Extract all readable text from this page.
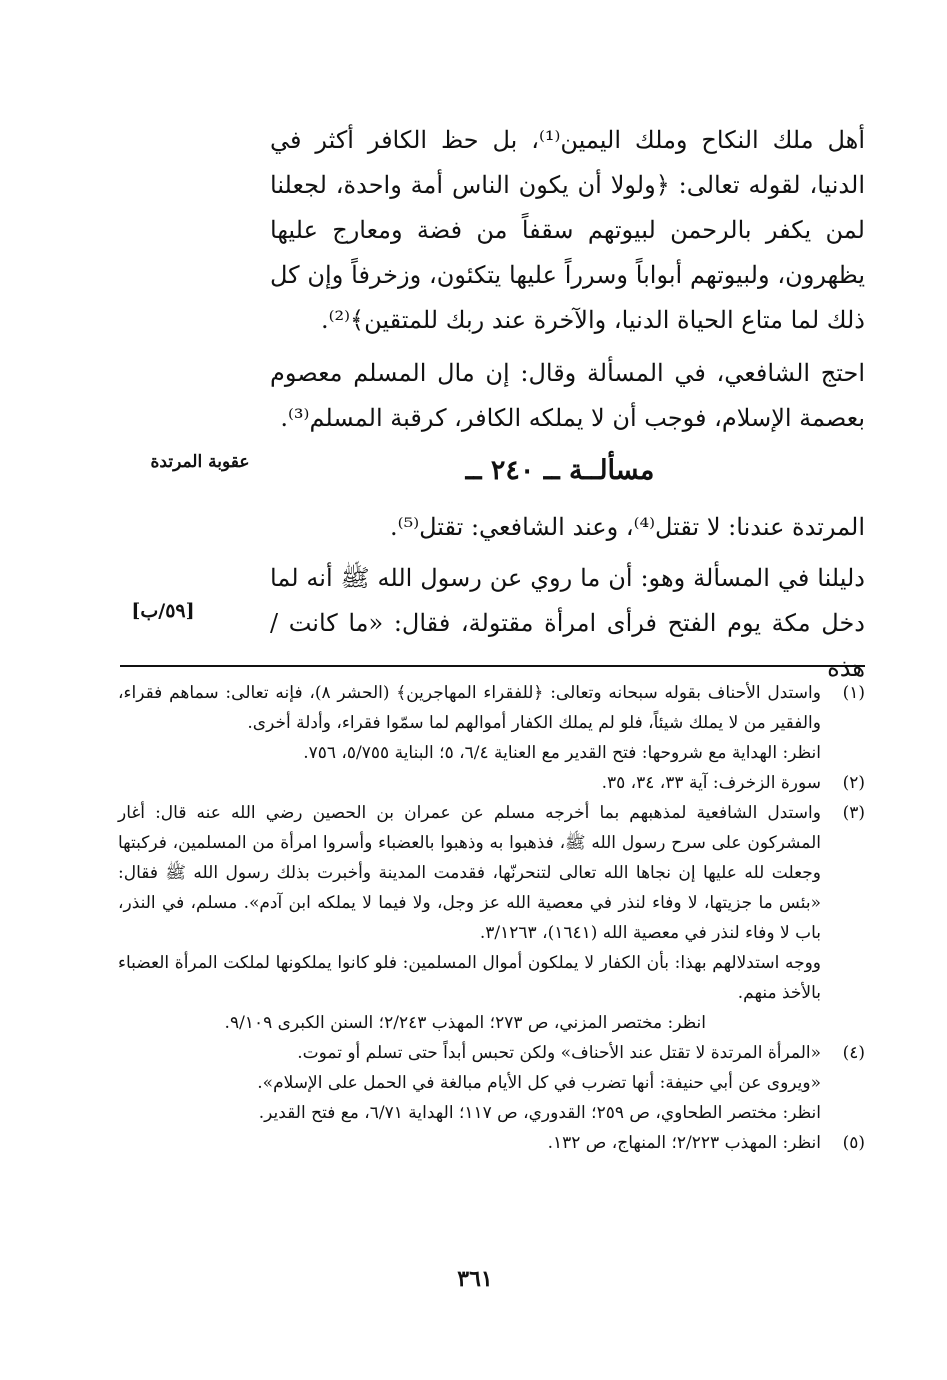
أهل ملك النكاح وملك اليمين⁽¹⁾، بل حظ الكافر أكثر في الدنيا، لقوله تعالى: ﴿ولولا أن يكون الناس أمة واحدة، لجعلنا لمن يكفر بالرحمن لبيوتهم سقفاً من فضة ومعارج عليها يظهرون، ولبيوتهم أبواباً وسرراً عليها يتكئون، وزخرفاً وإن كل ذلك لما متاع الحياة الدنيا، والآخرة عند ربك للمتقين﴾⁽²⁾.

احتج الشافعي، في المسألة وقال: إن مال المسلم معصوم بعصمة الإسلام، فوجب أن لا يملكه الكافر، كرقبة المسلم⁽³⁾.

مسألــة ــ ٢٤٠ ــ
عقوبة المرتدة

المرتدة عندنا: لا تقتل⁽⁴⁾، وعند الشافعي: تقتل⁽⁵⁾.

دليلنا في المسألة وهو: أن ما روي عن رسول الله ﷺ أنه لما دخل مكة يوم الفتح فرأى امرأة مقتولة، فقال: «ما كانت / هذه

[٥٩/ب]
(١)

واستدل الأحناف بقوله سبحانه وتعالى: ﴿للفقراء المهاجرين﴾ (الحشر ٨)، فإنه تعالى: سماهم فقراء، والفقير من لا يملك شيئاً، فلو لم يملك الكفار أموالهم لما سمّوا فقراء، وأدلة أخرى.

انظر: الهداية مع شروحها: فتح القدير مع العناية ٦/٤، ٥؛ البناية ٥/٧٥٥، ٧٥٦.

(٢)

سورة الزخرف: آية ٣٣، ٣٤، ٣٥.

(٣)

واستدل الشافعية لمذهبهم بما أخرجه مسلم عن عمران بن الحصين رضي الله عنه قال: أغار المشركون على سرح رسول الله ﷺ، فذهبوا به وذهبوا بالعضباء وأسروا امرأة من المسلمين، فركبتها وجعلت لله عليها إن نجاها الله تعالى لتنحرنّها، فقدمت المدينة وأخبرت بذلك رسول الله ﷺ فقال: «بئس ما جزيتها، لا وفاء لنذر في معصية الله عز وجل، ولا فيما لا يملكه ابن آدم». مسلم، في النذر، باب لا وفاء لنذر في معصية الله (١٦٤١)، ٣/١٢٦٣.

ووجه استدلالهم بهذا: بأن الكفار لا يملكون أموال المسلمين: فلو كانوا يملكونها لملكت المرأة العضباء بالأخذ منهم.

انظر: مختصر المزني، ص ٢٧٣؛ المهذب ٢/٢٤٣؛ السنن الكبرى ٩/١٠٩.

(٤)

«المرأة المرتدة لا تقتل عند الأحناف» ولكن تحبس أبداً حتى تسلم أو تموت.

«ويروى عن أبي حنيفة: أنها تضرب في كل الأيام مبالغة في الحمل على الإسلام».

انظر: مختصر الطحاوي، ص ٢٥٩؛ القدوري، ص ١١٧؛ الهداية ٦/٧١، مع فتح القدير.

(٥)

انظر: المهذب ٢/٢٢٣؛ المنهاج، ص ١٣٢.

٣٦١
